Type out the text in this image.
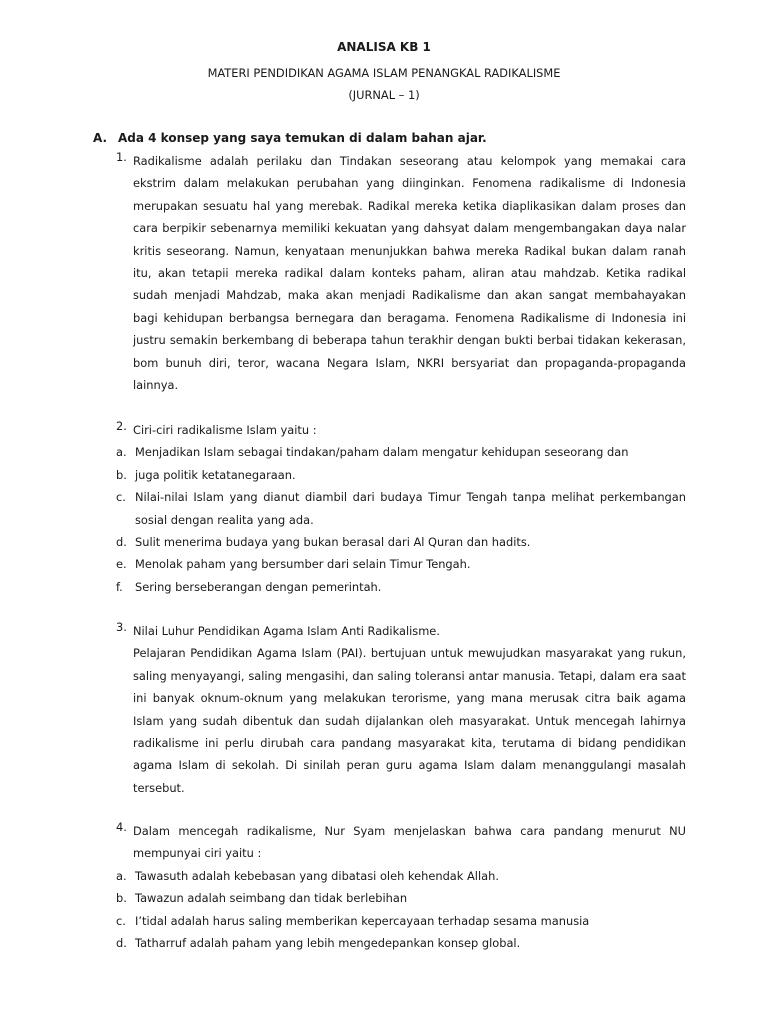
ANALISA KB 1
MATERI PENDIDIKAN AGAMA ISLAM PENANGKAL RADIKALISME
(JURNAL – 1)
A. Ada 4 konsep yang saya temukan di dalam bahan ajar.
1. Radikalisme adalah perilaku dan Tindakan seseorang atau kelompok yang memakai cara ekstrim dalam melakukan perubahan yang diinginkan. Fenomena radikalisme di Indonesia merupakan sesuatu hal yang merebak. Radikal mereka ketika diaplikasikan dalam proses dan cara berpikir sebenarnya memiliki kekuatan yang dahsyat dalam mengembangakan daya nalar kritis seseorang. Namun, kenyataan menunjukkan bahwa mereka Radikal bukan dalam ranah itu, akan tetapii mereka radikal dalam konteks paham, aliran atau mahdzab. Ketika radikal sudah menjadi Mahdzab, maka akan menjadi Radikalisme dan akan sangat membahayakan bagi kehidupan berbangsa bernegara dan beragama. Fenomena Radikalisme di Indonesia ini justru semakin berkembang di beberapa tahun terakhir dengan bukti berbai tidakan kekerasan, bom bunuh diri, teror, wacana Negara Islam, NKRI bersyariat dan propaganda-propaganda lainnya.
2. Ciri-ciri radikalisme Islam yaitu :
a. Menjadikan Islam sebagai tindakan/paham dalam mengatur kehidupan seseorang dan
b. juga politik ketatanegaraan.
c. Nilai-nilai Islam yang dianut diambil dari budaya Timur Tengah tanpa melihat perkembangan sosial dengan realita yang ada.
d. Sulit menerima budaya yang bukan berasal dari Al Quran dan hadits.
e. Menolak paham yang bersumber dari selain Timur Tengah.
f.	Sering berseberangan dengan pemerintah.
3. Nilai Luhur Pendidikan Agama Islam Anti Radikalisme.
Pelajaran Pendidikan Agama Islam (PAI). bertujuan untuk mewujudkan masyarakat yang rukun, saling menyayangi, saling mengasihi, dan saling toleransi antar manusia. Tetapi, dalam era saat ini banyak oknum-oknum yang melakukan terorisme, yang mana merusak citra baik agama Islam yang sudah dibentuk dan sudah dijalankan oleh masyarakat. Untuk mencegah lahirnya radikalisme ini perlu dirubah cara pandang masyarakat kita, terutama di bidang pendidikan agama Islam di sekolah. Di sinilah peran guru agama Islam dalam menanggulangi masalah tersebut.
4. Dalam mencegah radikalisme, Nur Syam menjelaskan bahwa cara pandang menurut NU mempunyai ciri yaitu :
a. Tawasuth adalah kebebasan yang dibatasi oleh kehendak Allah.
b. Tawazun adalah seimbang dan tidak berlebihan
c. I’tidal adalah harus saling memberikan kepercayaan terhadap sesama manusia
d. Tatharruf adalah paham yang lebih mengedepankan konsep global.
